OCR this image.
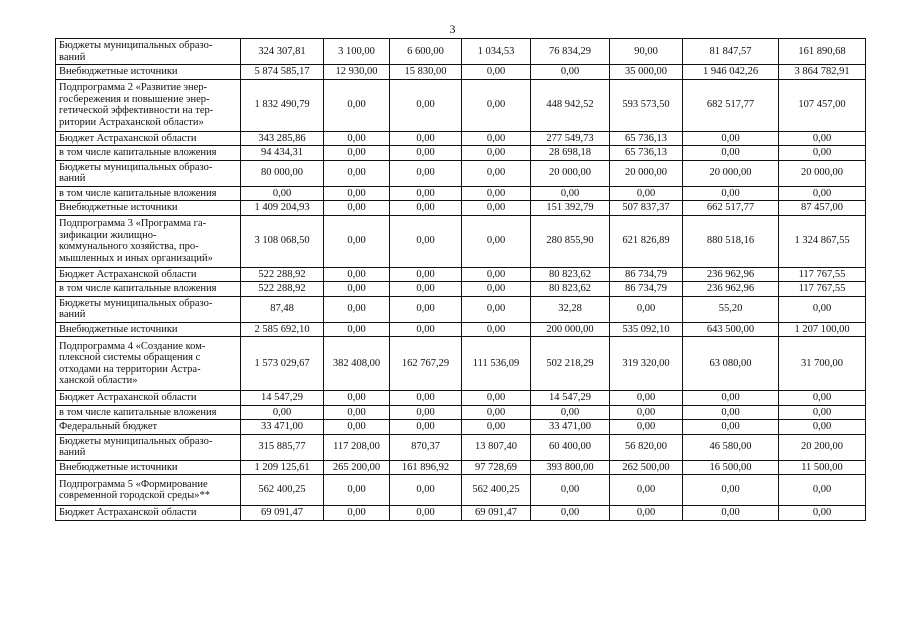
3
Бюджеты муниципальных образо-
ваний	324 307,81	3 100,00	6 600,00	1 034,53	76 834,29	90,00	81 847,57	161 890,68
Внебюджетные источники	5 874 585,17	12 930,00	15 830,00	0,00	0,00	35 000,00	1 946 042,26	3 864 782,91
Подпрограмма 2 «Развитие энер-
госбережения и повышение энер-
гетической эффективности на тер-
ритории Астраханской области»	1 832 490,79	0,00	0,00	0,00	448 942,52	593 573,50	682 517,77	107 457,00
Бюджет Астраханской области	343 285,86	0,00	0,00	0,00	277 549,73	65 736,13	0,00	0,00
в том числе капитальные вложения	94 434,31	0,00	0,00	0,00	28 698,18	65 736,13	0,00	0,00
Бюджеты муниципальных образо-
ваний	80 000,00	0,00	0,00	0,00	20 000,00	20 000,00	20 000,00	20 000,00
в том числе капитальные вложения	0,00	0,00	0,00	0,00	0,00	0,00	0,00	0,00
Внебюджетные источники	1 409 204,93	0,00	0,00	0,00	151 392,79	507 837,37	662 517,77	87 457,00
Подпрограмма 3 «Программа га-
зификации жилищно-
коммунального хозяйства, про-
мышленных и иных организаций»	3 108 068,50	0,00	0,00	0,00	280 855,90	621 826,89	880 518,16	1 324 867,55
Бюджет Астраханской области	522 288,92	0,00	0,00	0,00	80 823,62	86 734,79	236 962,96	117 767,55
в том числе капитальные вложения	522 288,92	0,00	0,00	0,00	80 823,62	86 734,79	236 962,96	117 767,55
Бюджеты муниципальных образо-
ваний	87,48	0,00	0,00	0,00	32,28	0,00	55,20	0,00
Внебюджетные источники	2 585 692,10	0,00	0,00	0,00	200 000,00	535 092,10	643 500,00	1 207 100,00
Подпрограмма 4 «Создание ком-
плексной системы обращения с
отходами на территории Астра-
ханской области»	1 573 029,67	382 408,00	162 767,29	111 536,09	502 218,29	319 320,00	63 080,00	31 700,00
Бюджет Астраханской области	14 547,29	0,00	0,00	0,00	14 547,29	0,00	0,00	0,00
в том числе капитальные вложения	0,00	0,00	0,00	0,00	0,00	0,00	0,00	0,00
Федеральный бюджет	33 471,00	0,00	0,00	0,00	33 471,00	0,00	0,00	0,00
Бюджеты муниципальных образо-
ваний	315 885,77	117 208,00	870,37	13 807,40	60 400,00	56 820,00	46 580,00	20 200,00
Внебюджетные источники	1 209 125,61	265 200,00	161 896,92	97 728,69	393 800,00	262 500,00	16 500,00	11 500,00
Подпрограмма 5 «Формирование
современной городской среды»**	562 400,25	0,00	0,00	562 400,25	0,00	0,00	0,00	0,00
Бюджет Астраханской области	69 091,47	0,00	0,00	69 091,47	0,00	0,00	0,00	0,00
